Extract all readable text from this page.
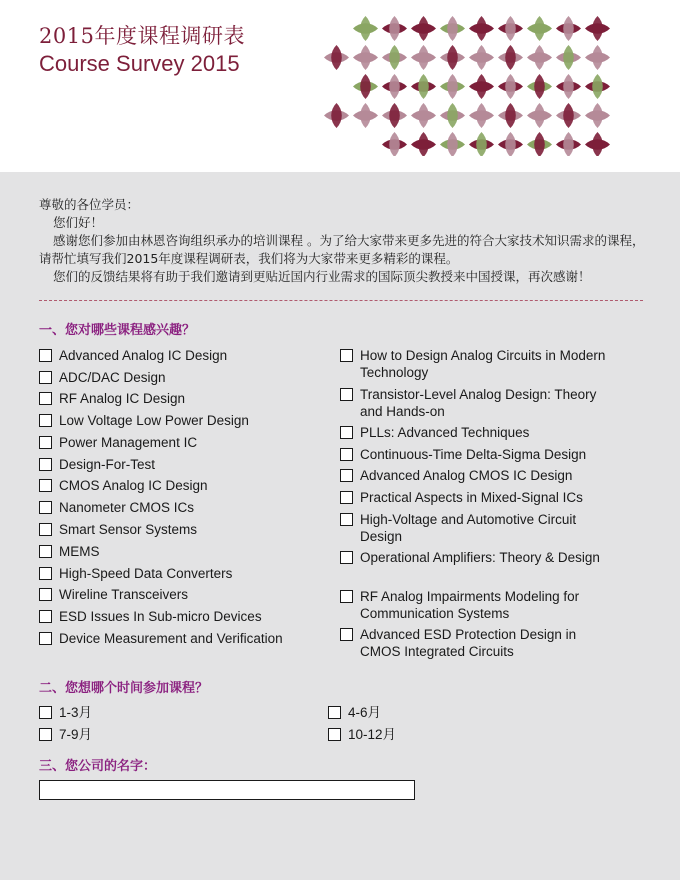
2015年度课程调研表
Course Survey 2015

尊敬的各位学员：

您们好！

感谢您们参加由林恩咨询组织承办的培训课程 。为了给大家带来更多先进的符合大家技术知识需求的课程，请帮忙填写我们2015年度课程调研表，我们将为大家带来更多精彩的课程。

您们的反馈结果将有助于我们邀请到更贴近国内行业需求的国际顶尖教授来中国授课，再次感谢！

一、您对哪些课程感兴趣？
Advanced Analog IC Design
ADC/DAC Design
RF Analog IC Design
Low Voltage Low Power Design
Power Management IC
Design-For-Test
CMOS Analog IC Design
Nanometer CMOS ICs
Smart Sensor Systems
MEMS
High-Speed Data Converters
Wireline Transceivers
ESD Issues In Sub-micro Devices
Device Measurement and Verification
How to Design Analog Circuits in Modern Technology
Transistor-Level Analog Design: Theory and Hands-on
PLLs: Advanced Techniques
Continuous-Time Delta-Sigma Design
Advanced Analog CMOS IC Design
Practical Aspects in Mixed-Signal ICs
High-Voltage and Automotive Circuit Design
Operational Amplifiers: Theory & Design
RF Analog Impairments Modeling for Communication Systems
Advanced ESD Protection Design in CMOS Integrated Circuits
二、您想哪个时间参加课程？
1-3月	4-6月
7-9月	10-12月
三、您公司的名字：
